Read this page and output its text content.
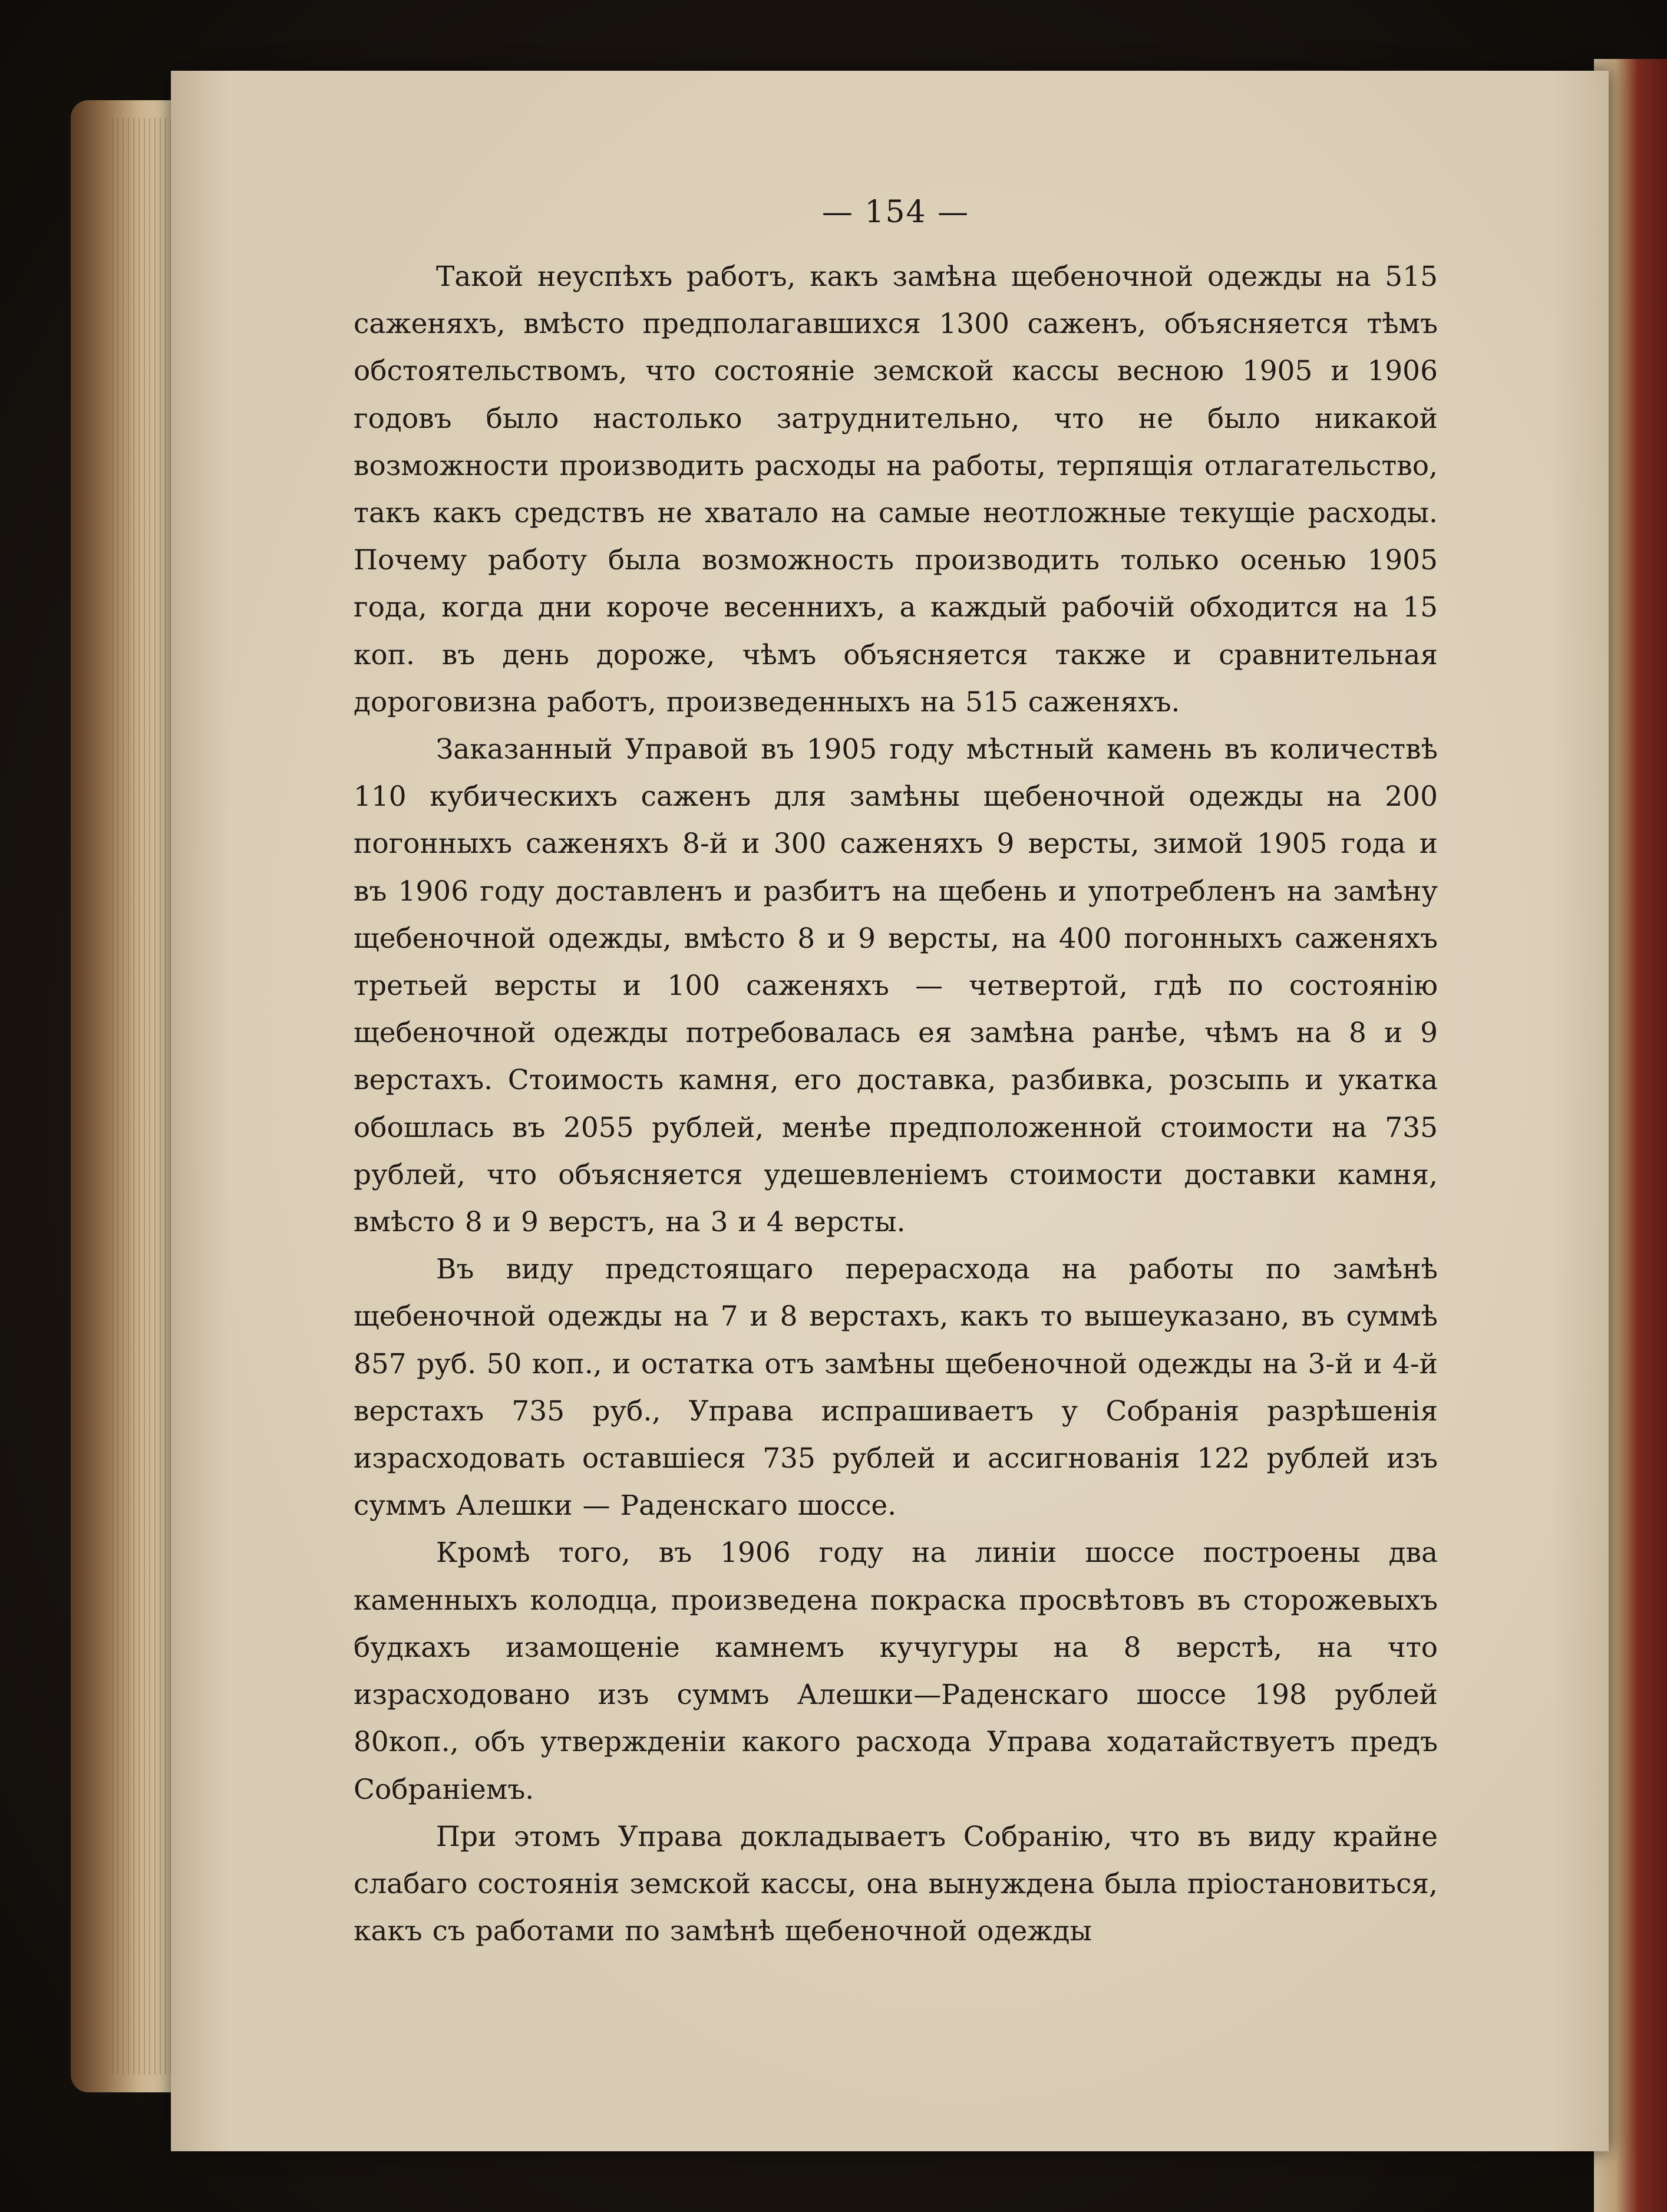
— 154 —

Такой неуспѣхъ работъ, какъ замѣна щебеночной одежды на 515 саженяхъ, вмѣсто предполагавшихся 1300 саженъ, объясняется тѣмъ обстоятельствомъ, что состояніе земской кассы весною 1905 и 1906 годовъ было настолько затруднительно, что не было никакой возможности производить расходы на работы, терпящія отлагательство, такъ какъ средствъ не хватало на самые неотложные текущіе расходы. Почему работу была возможность производить только осенью 1905 года, когда дни короче весеннихъ, а каждый рабочій обходится на 15 коп. въ день дороже, чѣмъ объясняется также и сравнительная дороговизна работъ, произведенныхъ на 515 саженяхъ.

Заказанный Управой въ 1905 году мѣстный камень въ количествѣ 110 кубическихъ саженъ для замѣны щебеночной одежды на 200 погонныхъ саженяхъ 8-й и 300 саженяхъ 9 версты, зимой 1905 года и въ 1906 году доставленъ и разбитъ на щебень и употребленъ на замѣну щебеночной одежды, вмѣсто 8 и 9 версты, на 400 погонныхъ саженяхъ третьей версты и 100 саженяхъ — четвертой, гдѣ по состоянію щебеночной одежды потребовалась ея замѣна ранѣе, чѣмъ на 8 и 9 верстахъ. Стоимость камня, его доставка, разбивка, розсыпь и укатка обошлась въ 2055 рублей, менѣе предположенной стоимости на 735 рублей, что объясняется удешевленіемъ стоимости доставки камня, вмѣсто 8 и 9 верстъ, на 3 и 4 версты.

Въ виду предстоящаго перерасхода на работы по замѣнѣ щебеночной одежды на 7 и 8 верстахъ, какъ то вышеуказано, въ суммѣ 857 руб. 50 коп., и остатка отъ замѣны щебеночной одежды на 3-й и 4-й верстахъ 735 руб., Управа испрашиваетъ у Собранія разрѣшенія израсходовать оставшіеся 735 рублей и ассигнованія 122 рублей изъ суммъ Алешки — Раденскаго шоссе.

Кромѣ того, въ 1906 году на линіи шоссе построены два каменныхъ колодца, произведена покраска просвѣтовъ въ сторожевыхъ будкахъ изамощеніе камнемъ кучугуры на 8 верстѣ, на что израсходовано изъ суммъ Алешки—Раденскаго шоссе 198 рублей 80коп., объ утвержденіи какого расхода Управа ходатайствуетъ предъ Собраніемъ.

При этомъ Управа докладываетъ Собранію, что въ виду крайне слабаго состоянія земской кассы, она вынуждена была пріостановиться, какъ съ работами по замѣнѣ щебеночной одежды
